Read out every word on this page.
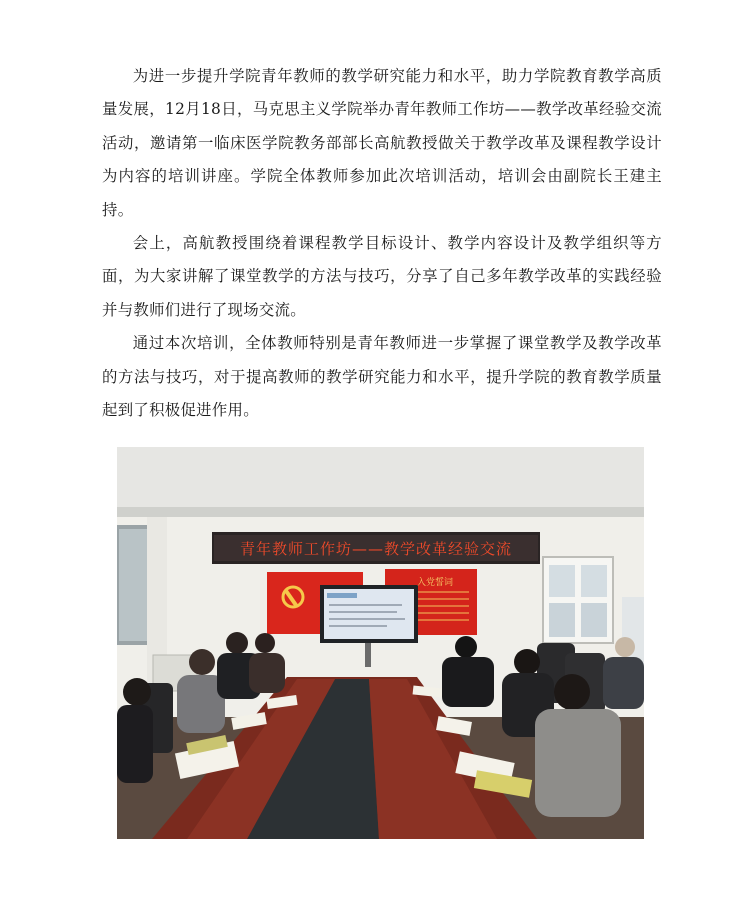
为进一步提升学院青年教师的教学研究能力和水平，助力学院教育教学高质量发展，12月18日，马克思主义学院举办青年教师工作坊——教学改革经验交流活动，邀请第一临床医学院教务部部长高航教授做关于教学改革及课程教学设计为内容的培训讲座。学院全体教师参加此次培训活动，培训会由副院长王建主持。

会上，高航教授围绕着课程教学目标设计、教学内容设计及教学组织等方面，为大家讲解了课堂教学的方法与技巧，分享了自己多年教学改革的实践经验并与教师们进行了现场交流。

通过本次培训，全体教师特别是青年教师进一步掌握了课堂教学及教学改革的方法与技巧，对于提高教师的教学研究能力和水平，提升学院的教育教学质量起到了积极促进作用。

青年教师工作坊——教学改革经验交流
入党誓词
